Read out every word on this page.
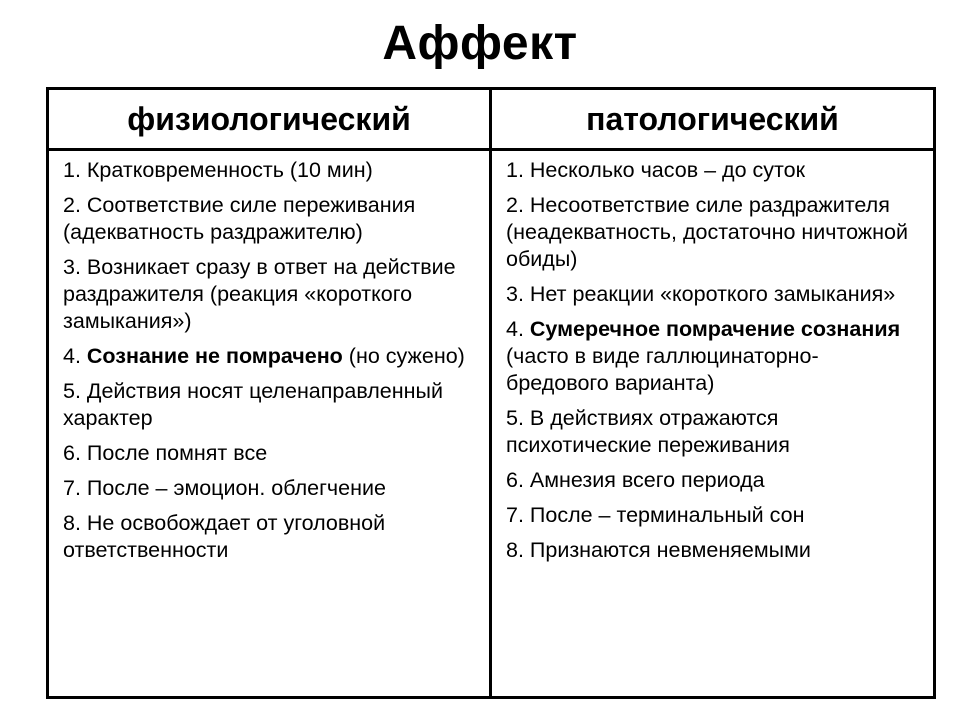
Аффект
физиологический	патологический
1. Кратковременность (10 мин)
2. Соответствие силе переживания (адекватность раздражителю)
3. Возникает сразу в ответ на действие раздражителя (реакция «короткого замыкания»)
4. Сознание не помрачено (но сужено)
5. Действия носят целенаправленный характер
6. После помнят все
7. После – эмоцион. облегчение
8. Не освобождает от уголовной ответственности
1. Несколько часов – до суток
2. Несоответствие силе раздражителя (неадекватность, достаточно ничтожной обиды)
3. Нет реакции «короткого замыкания»
4. Сумеречное помрачение сознания (часто в виде галлюцинаторно-бредового варианта)
5. В действиях отражаются психотические переживания
6. Амнезия всего периода
7. После – терминальный сон
8. Признаются невменяемыми
